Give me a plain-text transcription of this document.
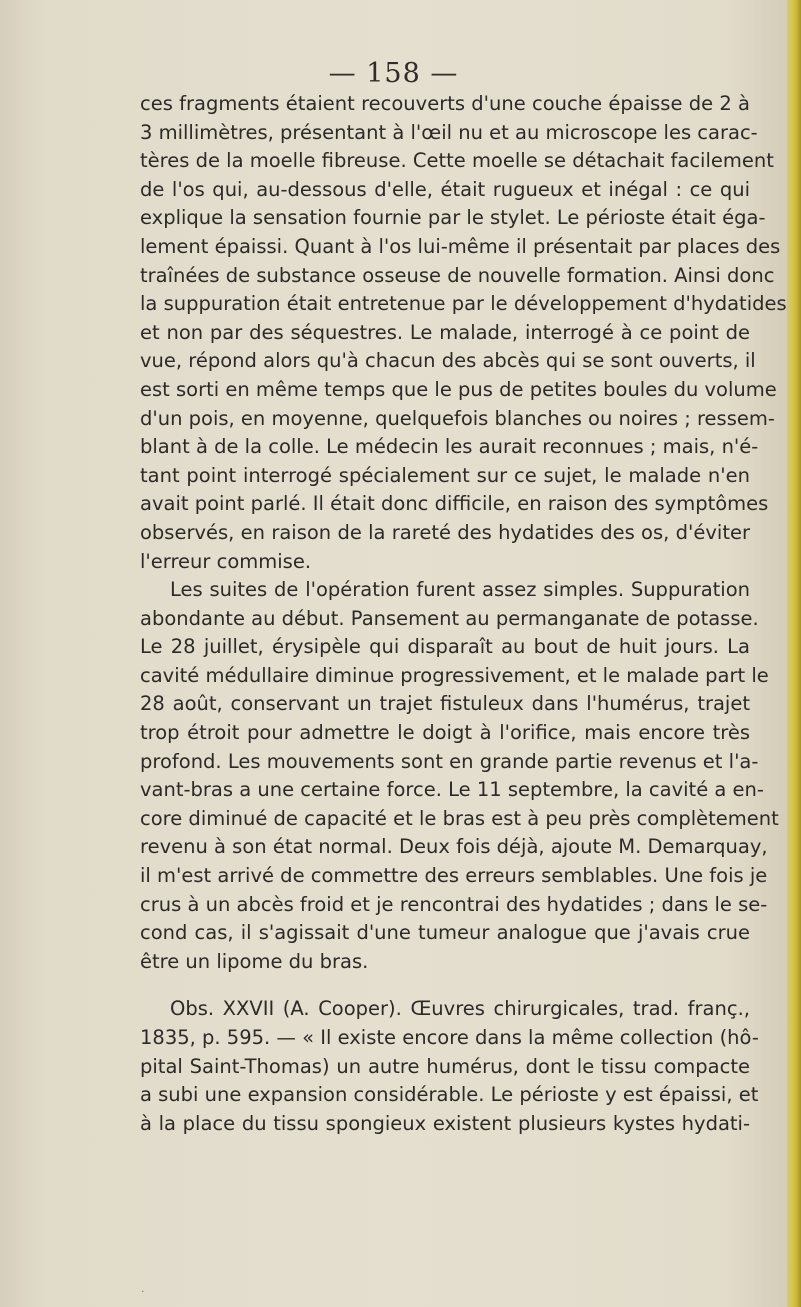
— 158 —
ces fragments étaient recouverts d'une couche épaisse de 2 à
3 millimètres, présentant à l'œil nu et au microscope les carac-
tères de la moelle fibreuse. Cette moelle se détachait facilement
de l'os qui, au-dessous d'elle, était rugueux et inégal : ce qui
explique la sensation fournie par le stylet. Le périoste était éga-
lement épaissi. Quant à l'os lui-même il présentait par places des
traînées de substance osseuse de nouvelle formation. Ainsi donc
la suppuration était entretenue par le développement d'hydatides
et non par des séquestres. Le malade, interrogé à ce point de
vue, répond alors qu'à chacun des abcès qui se sont ouverts, il
est sorti en même temps que le pus de petites boules du volume
d'un pois, en moyenne, quelquefois blanches ou noires ; ressem-
blant à de la colle. Le médecin les aurait reconnues ; mais, n'é-
tant point interrogé spécialement sur ce sujet, le malade n'en
avait point parlé. Il était donc difficile, en raison des symptômes
observés, en raison de la rareté des hydatides des os, d'éviter
l'erreur commise.
Les suites de l'opération furent assez simples. Suppuration
abondante au début. Pansement au permanganate de potasse.
Le 28 juillet, érysipèle qui disparaît au bout de huit jours. La
cavité médullaire diminue progressivement, et le malade part le
28 août, conservant un trajet fistuleux dans l'humérus, trajet
trop étroit pour admettre le doigt à l'orifice, mais encore très
profond. Les mouvements sont en grande partie revenus et l'a-
vant-bras a une certaine force. Le 11 septembre, la cavité a en-
core diminué de capacité et le bras est à peu près complètement
revenu à son état normal. Deux fois déjà, ajoute M. Demarquay,
il m'est arrivé de commettre des erreurs semblables. Une fois je
crus à un abcès froid et je rencontrai des hydatides ; dans le se-
cond cas, il s'agissait d'une tumeur analogue que j'avais crue
être un lipome du bras.
Obs. XXVII (A. Cooper). Œuvres chirurgicales, trad. franç.,
1835, p. 595. — « Il existe encore dans la même collection (hô-
pital Saint-Thomas) un autre humérus, dont le tissu compacte
a subi une expansion considérable. Le périoste y est épaissi, et
à la place du tissu spongieux existent plusieurs kystes hydati-
·
